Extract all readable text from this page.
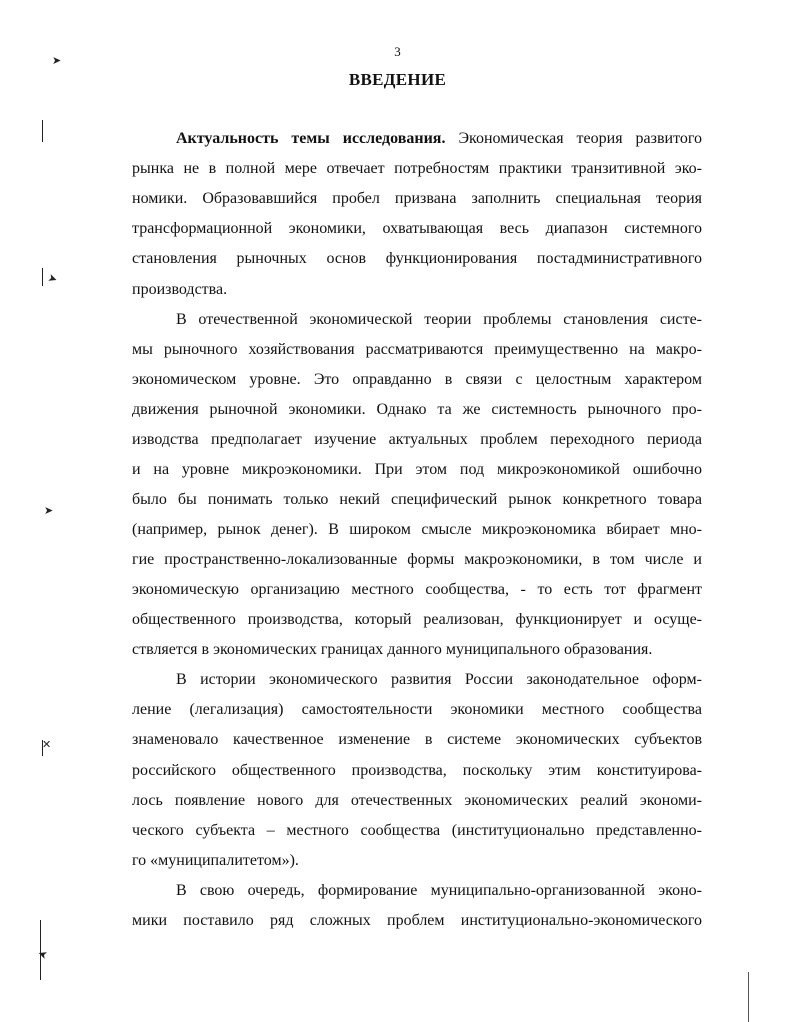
➤
➤
➤
✕
➤
3
ВВЕДЕНИЕ
Актуальность темы исследования. Экономическая теория развитого
рынка не в полной мере отвечает потребностям практики транзитивной эко-
номики. Образовавшийся пробел призвана заполнить специальная теория
трансформационной экономики, охватывающая весь диапазон системного
становления рыночных основ функционирования постадминистративного
производства.
В отечественной экономической теории проблемы становления систе-
мы рыночного хозяйствования рассматриваются преимущественно на макро-
экономическом уровне. Это оправданно в связи с целостным характером
движения рыночной экономики. Однако та же системность рыночного про-
изводства предполагает изучение актуальных проблем переходного периода
и на уровне микроэкономики. При этом под микроэкономикой ошибочно
было бы понимать только некий специфический рынок конкретного товара
(например, рынок денег). В широком смысле микроэкономика вбирает мно-
гие пространственно-локализованные формы макроэкономики, в том числе и
экономическую организацию местного сообщества, - то есть тот фрагмент
общественного производства, который реализован, функционирует и осуще-
ствляется в экономических границах данного муниципального образования.
В истории экономического развития России законодательное оформ-
ление (легализация) самостоятельности экономики местного сообщества
знаменовало качественное изменение в системе экономических субъектов
российского общественного производства, поскольку этим конституирова-
лось появление нового для отечественных экономических реалий экономи-
ческого субъекта – местного сообщества (институционально представленно-
го «муниципалитетом»).
В свою очередь, формирование муниципально-организованной эконо-
мики поставило ряд сложных проблем институционально-экономического
